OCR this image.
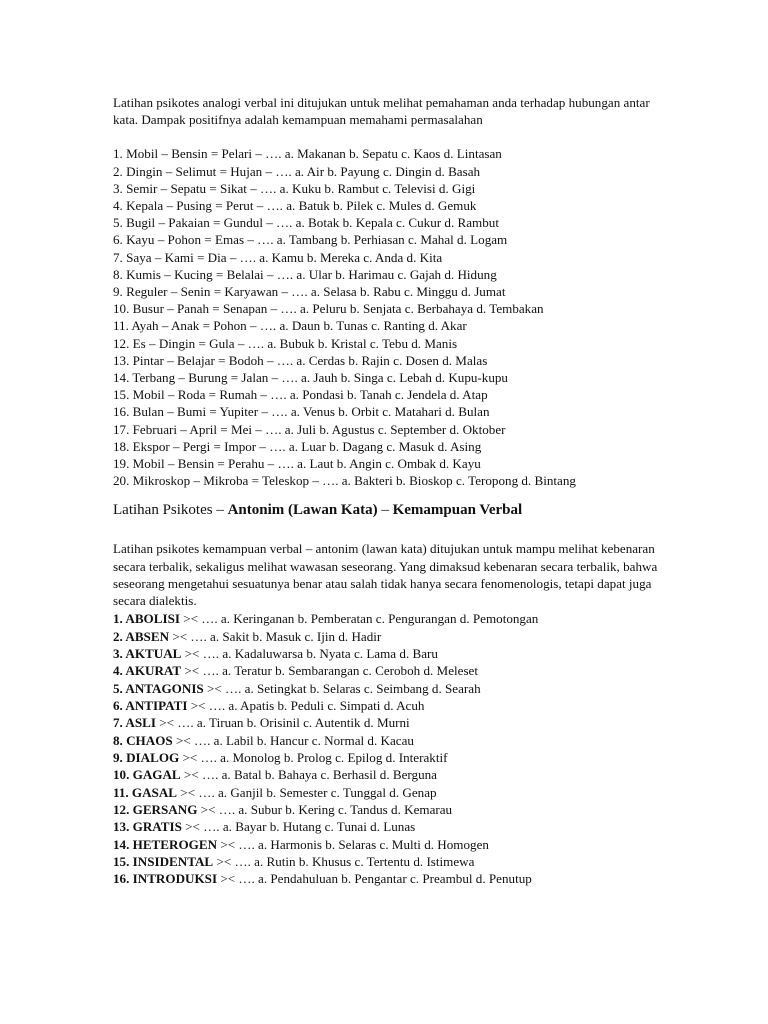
Latihan psikotes analogi verbal ini ditujukan untuk melihat pemahaman anda terhadap hubungan antar kata. Dampak positifnya adalah kemampuan memahami permasalahan

1. Mobil – Bensin = Pelari – …. a. Makanan b. Sepatu c. Kaos d. Lintasan

2. Dingin – Selimut = Hujan – …. a. Air b. Payung c. Dingin d. Basah

3. Semir – Sepatu = Sikat – …. a. Kuku b. Rambut c. Televisi d. Gigi

4. Kepala – Pusing = Perut – …. a. Batuk b. Pilek c. Mules d. Gemuk

5. Bugil – Pakaian = Gundul – …. a. Botak b. Kepala c. Cukur d. Rambut

6. Kayu – Pohon = Emas – …. a. Tambang b. Perhiasan c. Mahal d. Logam

7. Saya – Kami = Dia – …. a. Kamu b. Mereka c. Anda d. Kita

8. Kumis – Kucing = Belalai – …. a. Ular b. Harimau c. Gajah d. Hidung

9. Reguler – Senin = Karyawan – …. a. Selasa b. Rabu c. Minggu d. Jumat

10. Busur – Panah = Senapan – …. a. Peluru b. Senjata c. Berbahaya d. Tembakan

11. Ayah – Anak = Pohon – …. a. Daun b. Tunas c. Ranting d. Akar

12. Es – Dingin = Gula – …. a. Bubuk b. Kristal c. Tebu d. Manis

13. Pintar – Belajar = Bodoh – …. a. Cerdas b. Rajin c. Dosen d. Malas

14. Terbang – Burung = Jalan – …. a. Jauh b. Singa c. Lebah d. Kupu-kupu

15. Mobil – Roda = Rumah – …. a. Pondasi b. Tanah c. Jendela d. Atap

16. Bulan – Bumi = Yupiter – …. a. Venus b. Orbit c. Matahari d. Bulan

17. Februari – April = Mei – …. a. Juli b. Agustus c. September d. Oktober

18. Ekspor – Pergi = Impor – …. a. Luar b. Dagang c. Masuk d. Asing

19. Mobil – Bensin = Perahu – …. a. Laut b. Angin c. Ombak d. Kayu

20. Mikroskop – Mikroba = Teleskop – …. a. Bakteri b. Bioskop c. Teropong d. Bintang

Latihan Psikotes – Antonim (Lawan Kata) – Kemampuan Verbal

Latihan psikotes kemampuan verbal – antonim (lawan kata) ditujukan untuk mampu melihat kebenaran secara terbalik, sekaligus melihat wawasan seseorang. Yang dimaksud kebenaran secara terbalik, bahwa seseorang mengetahui sesuatunya benar atau salah tidak hanya secara fenomenologis, tetapi dapat juga secara dialektis.

1. ABOLISI >< …. a. Keringanan b. Pemberatan c. Pengurangan d. Pemotongan

2. ABSEN >< …. a. Sakit b. Masuk c. Ijin d. Hadir

3. AKTUAL >< …. a. Kadaluwarsa b. Nyata c. Lama d. Baru

4. AKURAT >< …. a. Teratur b. Sembarangan c. Ceroboh d. Meleset

5. ANTAGONIS >< …. a. Setingkat b. Selaras c. Seimbang d. Searah

6. ANTIPATI >< …. a. Apatis b. Peduli c. Simpati d. Acuh

7. ASLI >< …. a. Tiruan b. Orisinil c. Autentik d. Murni

8. CHAOS >< …. a. Labil b. Hancur c. Normal d. Kacau

9. DIALOG >< …. a. Monolog b. Prolog c. Epilog d. Interaktif

10. GAGAL >< …. a. Batal b. Bahaya c. Berhasil d. Berguna

11. GASAL >< …. a. Ganjil b. Semester c. Tunggal d. Genap

12. GERSANG >< …. a. Subur b. Kering c. Tandus d. Kemarau

13. GRATIS >< …. a. Bayar b. Hutang c. Tunai d. Lunas

14. HETEROGEN >< …. a. Harmonis b. Selaras c. Multi d. Homogen

15. INSIDENTAL >< …. a. Rutin b. Khusus c. Tertentu d. Istimewa

16. INTRODUKSI >< …. a. Pendahuluan b. Pengantar c. Preambul d. Penutup
